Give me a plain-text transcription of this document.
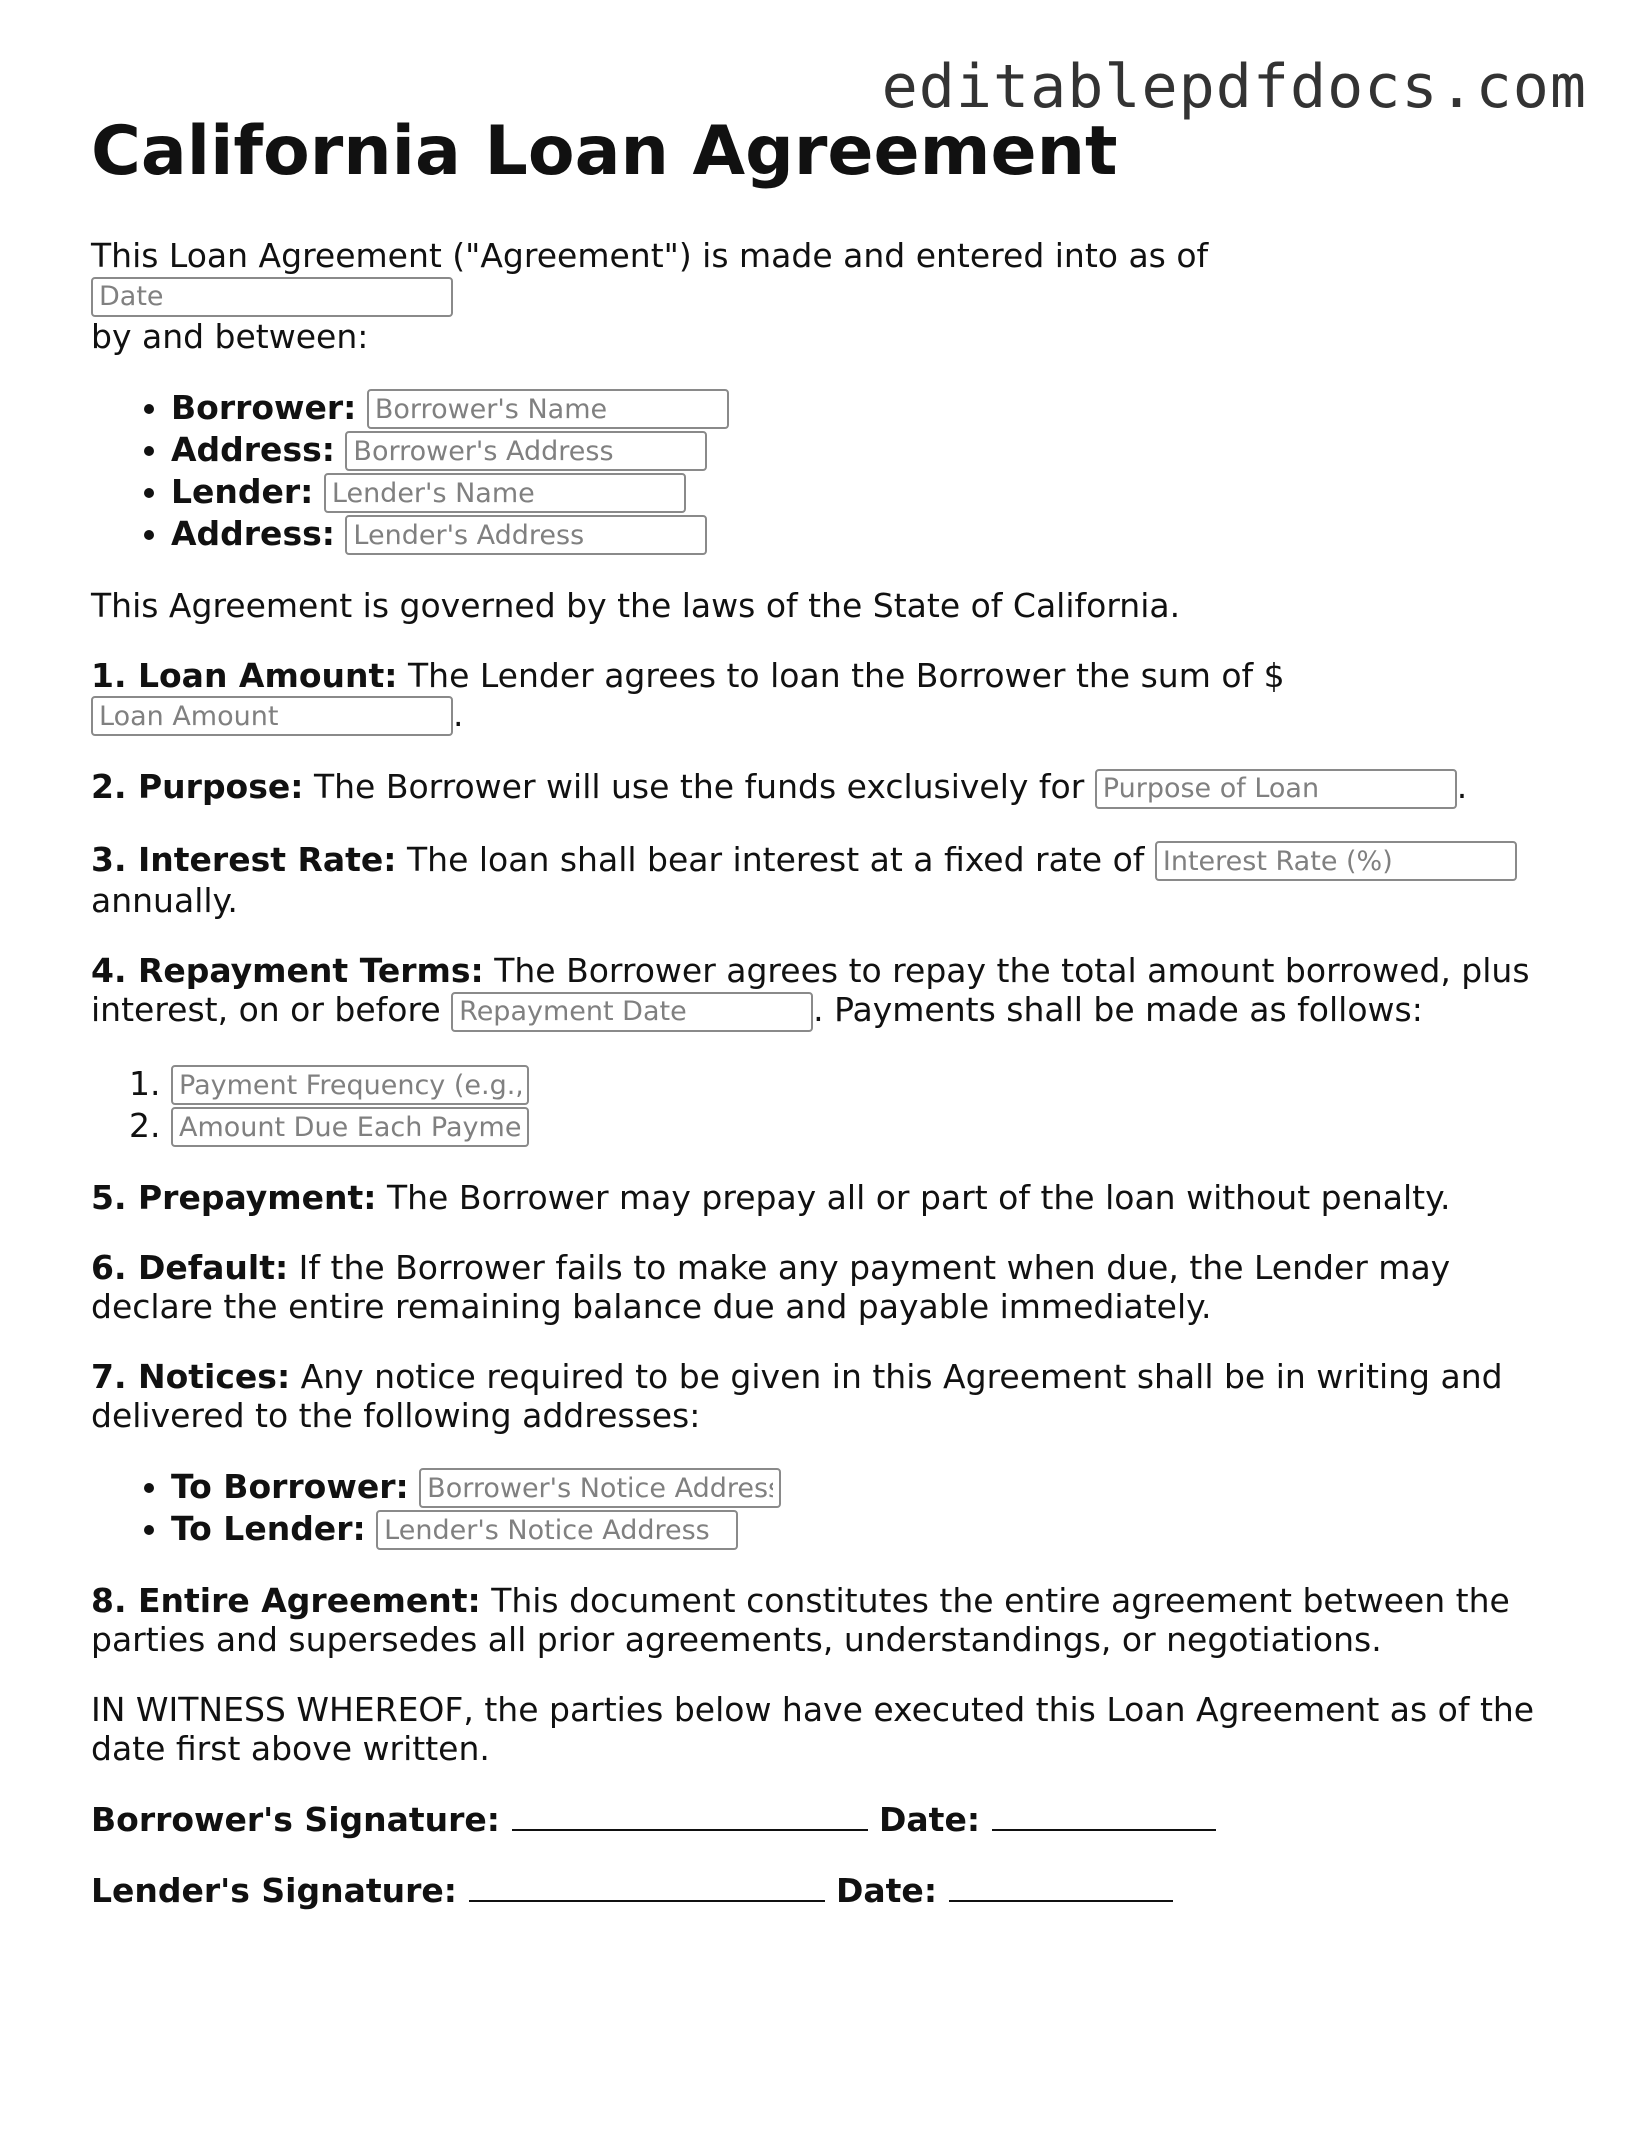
editablepdfdocs.com
California Loan Agreement

This Loan Agreement ("Agreement") is made and entered into as of Date
by and between:

• Borrower: Borrower's Name
• Address: Borrower's Address
• Lender: Lender's Name
• Address: Lender's Address

This Agreement is governed by the laws of the State of California.

1. Loan Amount: The Lender agrees to loan the Borrower the sum of $
Loan Amount.

2. Purpose: The Borrower will use the funds exclusively for Purpose of Loan	.

3. Interest Rate: The loan shall bear interest at a fixed rate of Interest Rate (%)
annually.

4. Repayment Terms: The Borrower agrees to repay the total amount borrowed, plus interest, on or before Repayment Date	. Payments shall be made as follows:

1. Payment Frequency (e.g., monthly)
2. Amount Due Each Payment

5. Prepayment: The Borrower may prepay all or part of the loan without penalty.

6. Default: If the Borrower fails to make any payment when due, the Lender may declare the entire remaining balance due and payable immediately.

7. Notices: Any notice required to be given in this Agreement shall be in writing and delivered to the following addresses:

• To Borrower: Borrower's Notice Address
• To Lender: Lender's Notice Address

8. Entire Agreement: This document constitutes the entire agreement between the parties and supersedes all prior agreements, understandings, or negotiations.

IN WITNESS WHEREOF, the parties below have executed this Loan Agreement as of the date first above written.

Borrower's Signature:	Date:
Lender's Signature:	Date:
